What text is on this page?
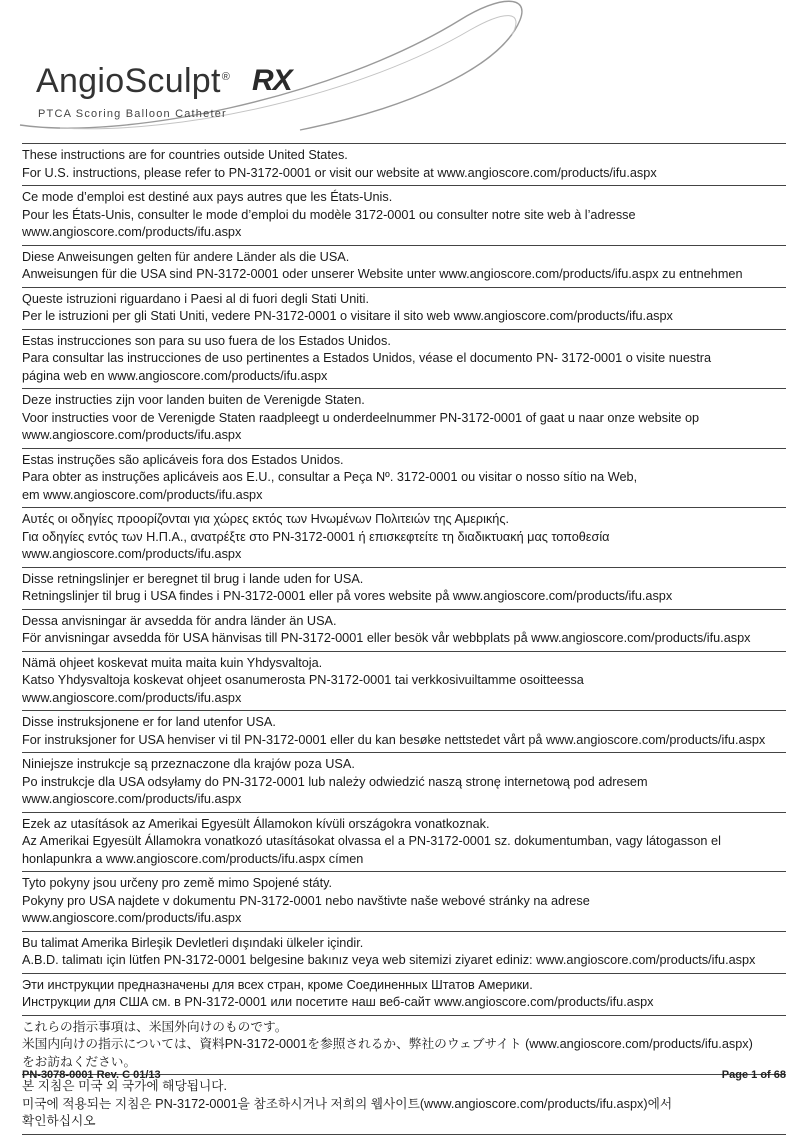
AngioSculpt® RX
PTCA Scoring Balloon Catheter
These instructions are for countries outside United States.
For U.S. instructions, please refer to PN-3172-0001 or visit our website at www.angioscore.com/products/ifu.aspx
Ce mode d’emploi est destiné aux pays autres que les États-Unis.
Pour les États-Unis, consulter le mode d’emploi du modèle 3172-0001 ou consulter notre site web à l’adresse
www.angioscore.com/products/ifu.aspx
Diese Anweisungen gelten für andere Länder als die USA.
Anweisungen für die USA sind PN-3172-0001 oder unserer Website unter www.angioscore.com/products/ifu.aspx zu entnehmen
Queste istruzioni riguardano i Paesi al di fuori degli Stati Uniti.
Per le istruzioni per gli Stati Uniti, vedere PN-3172-0001 o visitare il sito web www.angioscore.com/products/ifu.aspx
Estas instrucciones son para su uso fuera de los Estados Unidos.
Para consultar las instrucciones de uso pertinentes a Estados Unidos, véase el documento PN- 3172-0001 o visite nuestra
página web en www.angioscore.com/products/ifu.aspx
Deze instructies zijn voor landen buiten de Verenigde Staten.
Voor instructies voor de Verenigde Staten raadpleegt u onderdeelnummer PN-3172-0001 of gaat u naar onze website op
www.angioscore.com/products/ifu.aspx
Estas instruções são aplicáveis fora dos Estados Unidos.
Para obter as instruções aplicáveis aos E.U., consultar a Peça Nº. 3172-0001 ou visitar o nosso sítio na Web,
em www.angioscore.com/products/ifu.aspx
Αυτές οι οδηγίες προορίζονται για χώρες εκτός των Ηνωμένων Πολιτειών της Αμερικής.
Για οδηγίες εντός των Η.Π.Α., ανατρέξτε στο PN-3172-0001 ή επισκεφτείτε τη διαδικτυακή μας τοποθεσία
www.angioscore.com/products/ifu.aspx
Disse retningslinjer er beregnet til brug i lande uden for USA.
Retningslinjer til brug i USA findes i PN-3172-0001 eller på vores website på www.angioscore.com/products/ifu.aspx
Dessa anvisningar är avsedda för andra länder än USA.
För anvisningar avsedda för USA hänvisas till PN-3172-0001 eller besök vår webbplats på www.angioscore.com/products/ifu.aspx
Nämä ohjeet koskevat muita maita kuin Yhdysvaltoja.
Katso Yhdysvaltoja koskevat ohjeet osanumerosta PN-3172-0001 tai verkkosivuiltamme osoitteessa
www.angioscore.com/products/ifu.aspx
Disse instruksjonene er for land utenfor USA.
For instruksjoner for USA henviser vi til PN-3172-0001 eller du kan besøke nettstedet vårt på www.angioscore.com/products/ifu.aspx
Niniejsze instrukcje są przeznaczone dla krajów poza USA.
Po instrukcje dla USA odsyłamy do PN-3172-0001 lub należy odwiedzić naszą stronę internetową pod adresem
www.angioscore.com/products/ifu.aspx
Ezek az utasítások az Amerikai Egyesült Államokon kívüli országokra vonatkoznak.
Az Amerikai Egyesült Államokra vonatkozó utasításokat olvassa el a PN-3172-0001 sz. dokumentumban, vagy látogasson el
honlapunkra a www.angioscore.com/products/ifu.aspx címen
Tyto pokyny jsou určeny pro země mimo Spojené státy.
Pokyny pro USA najdete v dokumentu PN-3172-0001 nebo navštivte naše webové stránky na adrese
www.angioscore.com/products/ifu.aspx
Bu talimat Amerika Birleşik Devletleri dışındaki ülkeler içindir.
A.B.D. talimatı için lütfen PN-3172-0001 belgesine bakınız veya web sitemizi ziyaret ediniz: www.angioscore.com/products/ifu.aspx
Эти инструкции предназначены для всех стран, кроме Соединенных Штатов Америки.
Инструкции для США см. в PN-3172-0001 или посетите наш веб-сайт www.angioscore.com/products/ifu.aspx
これらの指示事項は、米国外向けのものです。
米国内向けの指示については、資料PN-3172-0001を参照されるか、弊社のウェブサイト (www.angioscore.com/products/ifu.aspx)
をお訪ねください。
본 지침은 미국 외 국가에 해당됩니다.
미국에 적용되는 지침은 PN-3172-0001을 참조하시거나 저희의 웹사이트(www.angioscore.com/products/ifu.aspx)에서
확인하십시오
PN-3078-0001 Rev. C 01/13	Page 1 of 68
